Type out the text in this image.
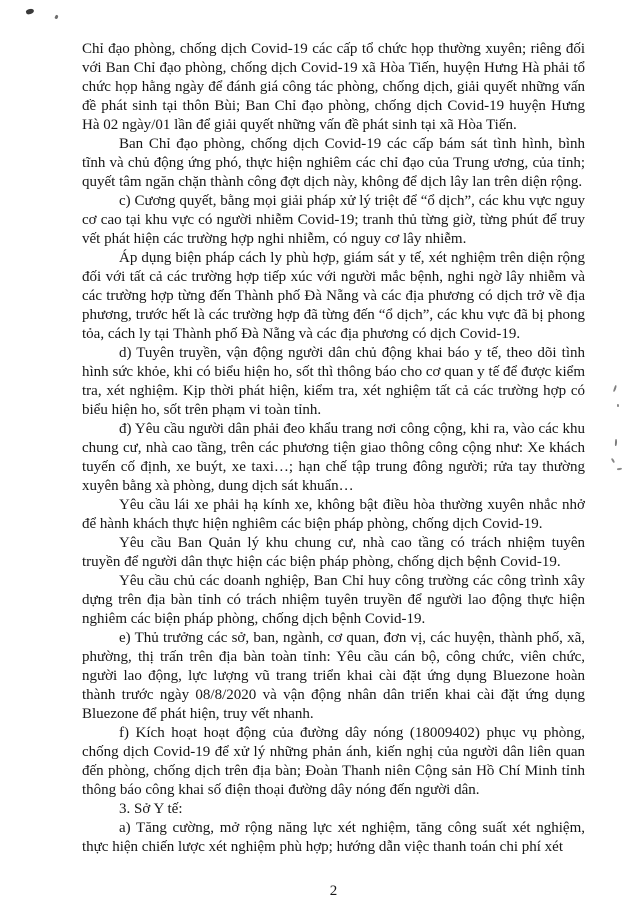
Chỉ đạo phòng, chống dịch Covid-19 các cấp tổ chức họp thường xuyên; riêng đối với Ban Chỉ đạo phòng, chống dịch Covid-19 xã Hòa Tiến, huyện Hưng Hà phải tổ chức họp hằng ngày để đánh giá công tác phòng, chống dịch, giải quyết những vấn đề phát sinh tại thôn Bùi; Ban Chỉ đạo phòng, chống dịch Covid-19 huyện Hưng Hà 02 ngày/01 lần để giải quyết những vấn đề phát sinh tại xã Hòa Tiến.

Ban Chỉ đạo phòng, chống dịch Covid-19 các cấp bám sát tình hình, bình tĩnh và chủ động ứng phó, thực hiện nghiêm các chỉ đạo của Trung ương, của tỉnh; quyết tâm ngăn chặn thành công đợt dịch này, không để dịch lây lan trên diện rộng.

c) Cương quyết, bằng mọi giải pháp xử lý triệt để “ổ dịch”, các khu vực nguy cơ cao tại khu vực có người nhiễm Covid-19; tranh thủ từng giờ, từng phút để truy vết phát hiện các trường hợp nghi nhiễm, có nguy cơ lây nhiễm.

Áp dụng biện pháp cách ly phù hợp, giám sát y tế, xét nghiệm trên diện rộng đối với tất cả các trường hợp tiếp xúc với người mắc bệnh, nghi ngờ lây nhiễm và các trường hợp từng đến Thành phố Đà Nẵng và các địa phương có dịch trở về địa phương, trước hết là các trường hợp đã từng đến “ổ dịch”, các khu vực đã bị phong tỏa, cách ly tại Thành phố Đà Nẵng và các địa phương có dịch Covid-19.

d) Tuyên truyền, vận động người dân chủ động khai báo y tế, theo dõi tình hình sức khỏe, khi có biểu hiện ho, sốt thì thông báo cho cơ quan y tế để được kiểm tra, xét nghiệm. Kịp thời phát hiện, kiểm tra, xét nghiệm tất cả các trường hợp có biểu hiện ho, sốt trên phạm vi toàn tỉnh.

đ) Yêu cầu người dân phải đeo khẩu trang nơi công cộng, khi ra, vào các khu chung cư, nhà cao tầng, trên các phương tiện giao thông công cộng như: Xe khách tuyến cố định, xe buýt, xe taxi…; hạn chế tập trung đông người; rửa tay thường xuyên bằng xà phòng, dung dịch sát khuẩn…

Yêu cầu lái xe phải hạ kính xe, không bật điều hòa thường xuyên nhắc nhở để hành khách thực hiện nghiêm các biện pháp phòng, chống dịch Covid-19.

Yêu cầu Ban Quản lý khu chung cư, nhà cao tầng có trách nhiệm tuyên truyền để người dân thực hiện các biện pháp phòng, chống dịch bệnh Covid-19.

Yêu cầu chủ các doanh nghiệp, Ban Chỉ huy công trường các công trình xây dựng trên địa bàn tỉnh có trách nhiệm tuyên truyền để người lao động thực hiện nghiêm các biện pháp phòng, chống dịch bệnh Covid-19.

e) Thủ trưởng các sở, ban, ngành, cơ quan, đơn vị, các huyện, thành phố, xã, phường, thị trấn trên địa bàn toàn tỉnh: Yêu cầu cán bộ, công chức, viên chức, người lao động, lực lượng vũ trang triển khai cài đặt ứng dụng Bluezone hoàn thành trước ngày 08/8/2020 và vận động nhân dân triển khai cài đặt ứng dụng Bluezone để phát hiện, truy vết nhanh.

f) Kích hoạt hoạt động của đường dây nóng (18009402) phục vụ phòng, chống dịch Covid-19 để xử lý những phản ánh, kiến nghị của người dân liên quan đến phòng, chống dịch trên địa bàn; Đoàn Thanh niên Cộng sản Hồ Chí Minh tỉnh thông báo công khai số điện thoại đường dây nóng đến người dân.

3. Sở Y tế:

a) Tăng cường, mở rộng năng lực xét nghiệm, tăng công suất xét nghiệm, thực hiện chiến lược xét nghiệm phù hợp; hướng dẫn việc thanh toán chi phí xét

2
